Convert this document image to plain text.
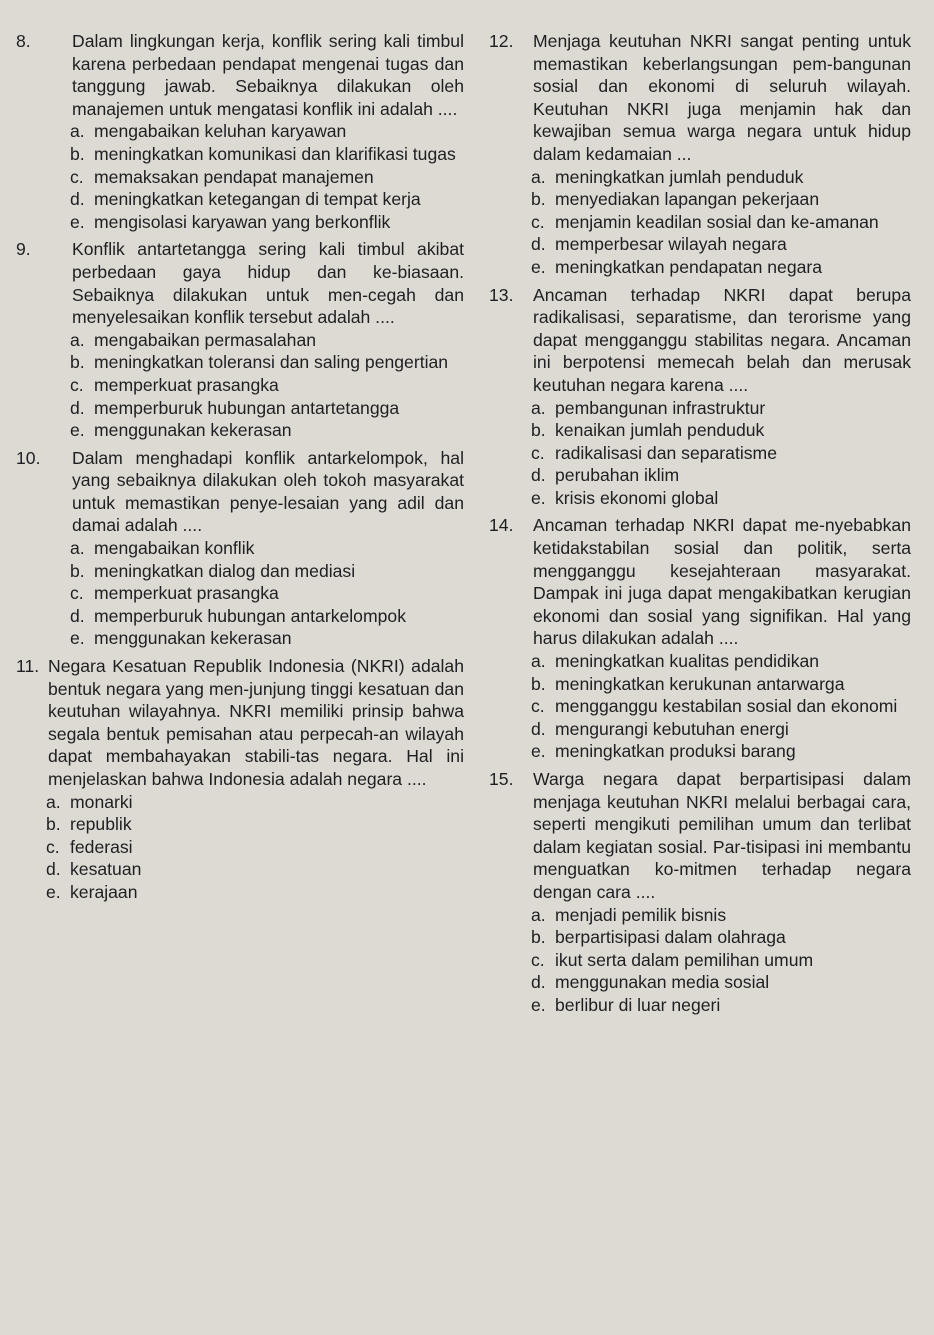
8.	Dalam lingkungan kerja, konflik sering kali timbul karena perbedaan pendapat mengenai tugas dan tanggung jawab. Sebaiknya dilakukan oleh manajemen untuk mengatasi konflik ini adalah ....
a. mengabaikan keluhan karyawan
b. meningkatkan komunikasi dan klarifikasi tugas
c. memaksakan pendapat manajemen
d. meningkatkan ketegangan di tempat kerja
e. mengisolasi karyawan yang berkonflik
9.	Konflik antartetangga sering kali timbul akibat perbedaan gaya hidup dan ke-biasaan. Sebaiknya dilakukan untuk men-cegah dan menyelesaikan konflik tersebut adalah ....
a. mengabaikan permasalahan
b. meningkatkan toleransi dan saling pengertian
c. memperkuat prasangka
d. memperburuk hubungan antartetangga
e. menggunakan kekerasan
10.	Dalam menghadapi konflik antarkelompok, hal yang sebaiknya dilakukan oleh tokoh masyarakat untuk memastikan penye-lesaian yang adil dan damai adalah ....
a. mengabaikan konflik
b. meningkatkan dialog dan mediasi
c. memperkuat prasangka
d. memperburuk hubungan antarkelompok
e. menggunakan kekerasan
11. Negara Kesatuan Republik Indonesia (NKRI) adalah bentuk negara yang men-junjung tinggi kesatuan dan keutuhan wilayahnya. NKRI memiliki prinsip bahwa segala bentuk pemisahan atau perpecah-an wilayah dapat membahayakan stabili-tas negara. Hal ini menjelaskan bahwa Indonesia adalah negara ....
a. monarki
b. republik
c. federasi
d. kesatuan
e. kerajaan
12.	Menjaga keutuhan NKRI sangat penting untuk memastikan keberlangsungan pem-bangunan sosial dan ekonomi di seluruh wilayah. Keutuhan NKRI juga menjamin hak dan kewajiban semua warga negara untuk hidup dalam kedamaian ...
a. meningkatkan jumlah penduduk
b. menyediakan lapangan pekerjaan
c. menjamin keadilan sosial dan ke-amanan
d. memperbesar wilayah negara
e. meningkatkan pendapatan negara
13.	Ancaman terhadap NKRI dapat berupa radikalisasi, separatisme, dan terorisme yang dapat mengganggu stabilitas negara. Ancaman ini berpotensi memecah belah dan merusak keutuhan negara karena ....
a. pembangunan infrastruktur
b. kenaikan jumlah penduduk
c. radikalisasi dan separatisme
d. perubahan iklim
e. krisis ekonomi global
14.	Ancaman terhadap NKRI dapat me-nyebabkan ketidakstabilan sosial dan politik, serta mengganggu kesejahteraan masyarakat. Dampak ini juga dapat mengakibatkan kerugian ekonomi dan sosial yang signifikan. Hal yang harus dilakukan adalah ....
a. meningkatkan kualitas pendidikan
b. meningkatkan kerukunan antarwarga
c. mengganggu kestabilan sosial dan ekonomi
d. mengurangi kebutuhan energi
e. meningkatkan produksi barang
15.	Warga negara dapat berpartisipasi dalam menjaga keutuhan NKRI melalui berbagai cara, seperti mengikuti pemilihan umum dan terlibat dalam kegiatan sosial. Par-tisipasi ini membantu menguatkan ko-mitmen terhadap negara dengan cara ....
a. menjadi pemilik bisnis
b. berpartisipasi dalam olahraga
c. ikut serta dalam pemilihan umum
d. menggunakan media sosial
e. berlibur di luar negeri
